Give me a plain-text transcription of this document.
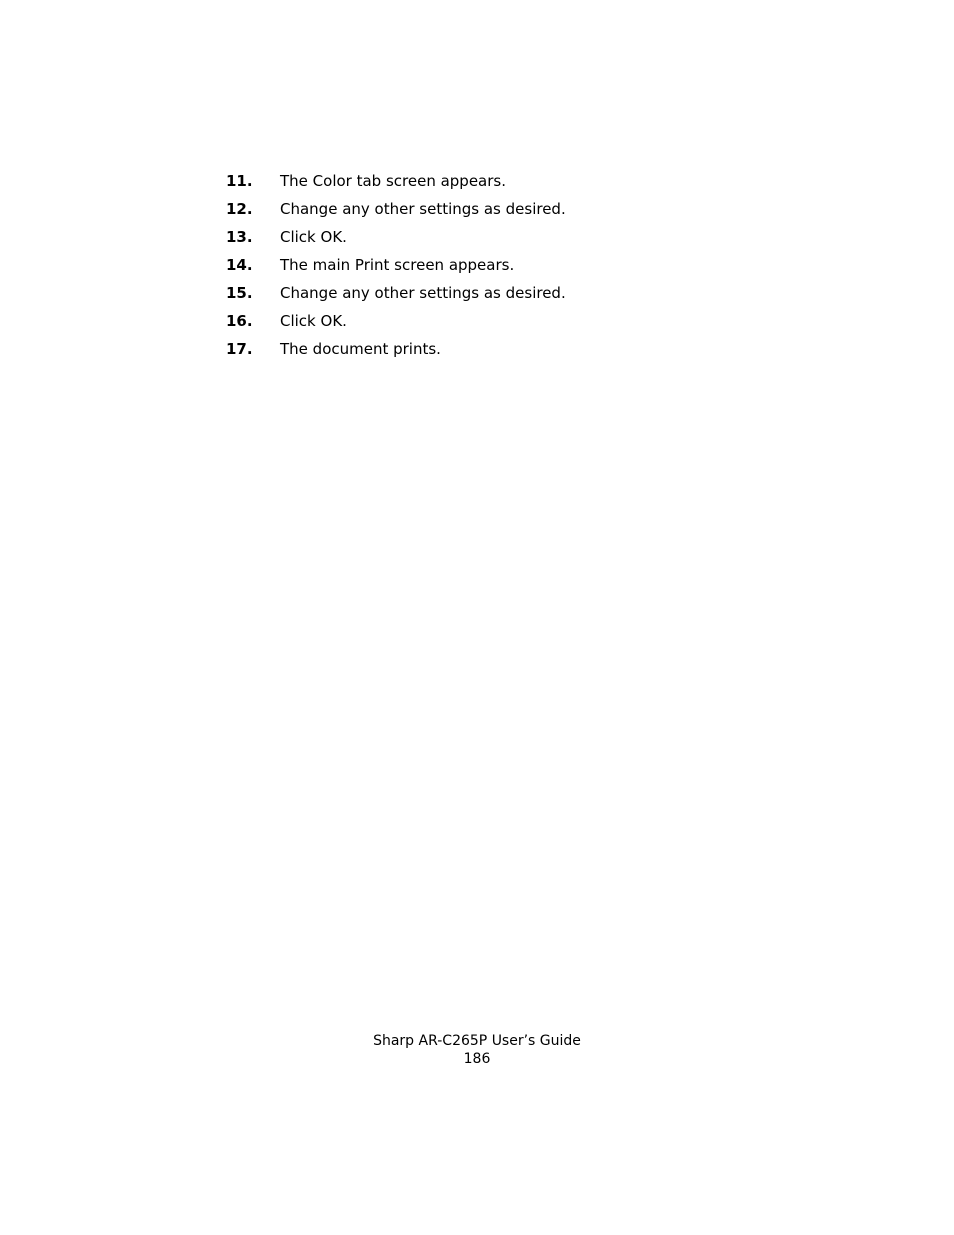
11. The Color tab screen appears.
12. Change any other settings as desired.
13. Click OK.
14. The main Print screen appears.
15. Change any other settings as desired.
16. Click OK.
17. The document prints.
Sharp AR-C265P User’s Guide
186
